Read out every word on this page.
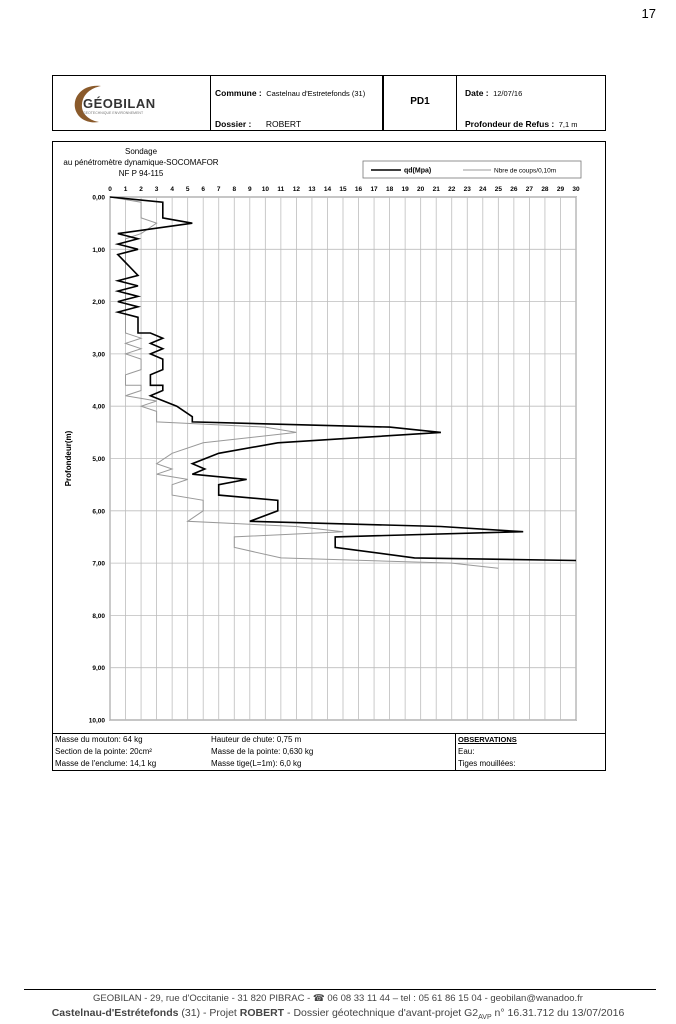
17
GÉOBILAN
GEOTECHNIQUE ENVIRONNEMENT
Commune : Castelnau d'Estretefonds (31)
Dossier : ROBERT
PD1
Date : 12/07/16
Profondeur de Refus : 7,1 m
Sondage
au pénétromètre dynamique-SOCOMAFOR
NF P 94-115
0 1 2 3 4 5 6 7 8 9 10 11 12 13 14 15 16 17 18 19 20 21 22 23 24 25 26 27 28 29 30
0,00
1,00
2,00
3,00
4,00
5,00
6,00
7,00
8,00
9,00
10,00
Profondeur(m)
qd(Mpa)	Nbre de coups/0,10m
Masse du mouton: 64 kg
Section de la pointe: 20cm²
Masse de l'enclume: 14,1 kg
Hauteur de chute: 0,75 m
Masse de la pointe: 0,630 kg
Masse tige(L=1m): 6,0 kg
OBSERVATIONS
Eau:
Tiges mouillées:
GEOBILAN - 29, rue d'Occitanie - 31 820 PIBRAC - ☎ 06 08 33 11 44 – tel : 05 61 86 15 04 - geobilan@wanadoo.fr
Castelnau-d'Estrétefonds (31) - Projet ROBERT - Dossier géotechnique d'avant-projet $G2_{AVP}$ n° 16.31.712 du 13/07/2016
